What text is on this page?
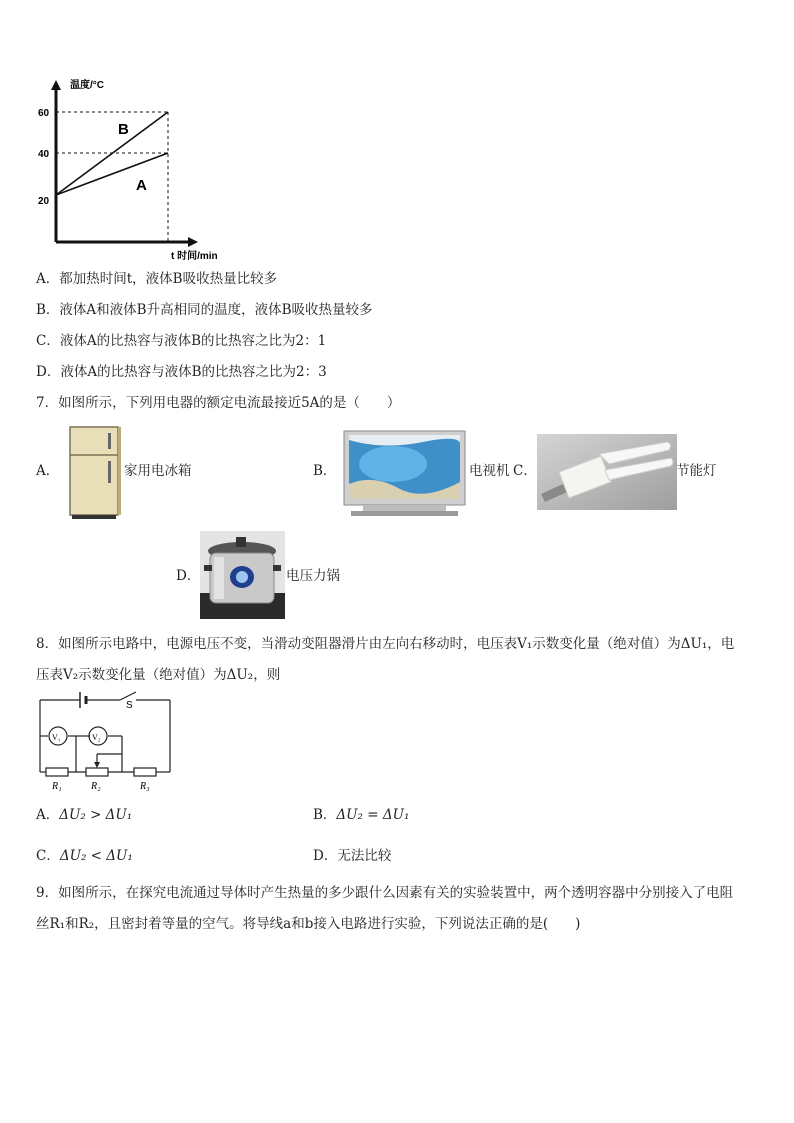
温度/°C
60
40
20
B
A
t 时间/min
A．都加热时间t，液体B吸收热量比较多
B．液体A和液体B升高相同的温度，液体B吸收热量较多
C．液体A的比热容与液体B的比热容之比为2：1
D．液体A的比热容与液体B的比热容之比为2：3
7．如图所示，下列用电器的额定电流最接近5A的是（　　）
A．	家用电冰箱	B．	电视机 C．	节能灯
D．	电压力锅
8．如图所示电路中，电源电压不变，当滑动变阻器滑片由左向右移动时，电压表V₁示数变化量（绝对值）为ΔU₁，电
压表V₂示数变化量（绝对值）为ΔU₂，则
S
V₁	V₂
R₁	R₂	R₃
A．ΔU₂ > ΔU₁	B．ΔU₂ = ΔU₁
C．ΔU₂ < ΔU₁	D．无法比较
9．如图所示，在探究电流通过导体时产生热量的多少跟什么因素有关的实验装置中，两个透明容器中分别接入了电阻
丝R₁和R₂，且密封着等量的空气。将导线a和b接入电路进行实验，下列说法正确的是(　　)
